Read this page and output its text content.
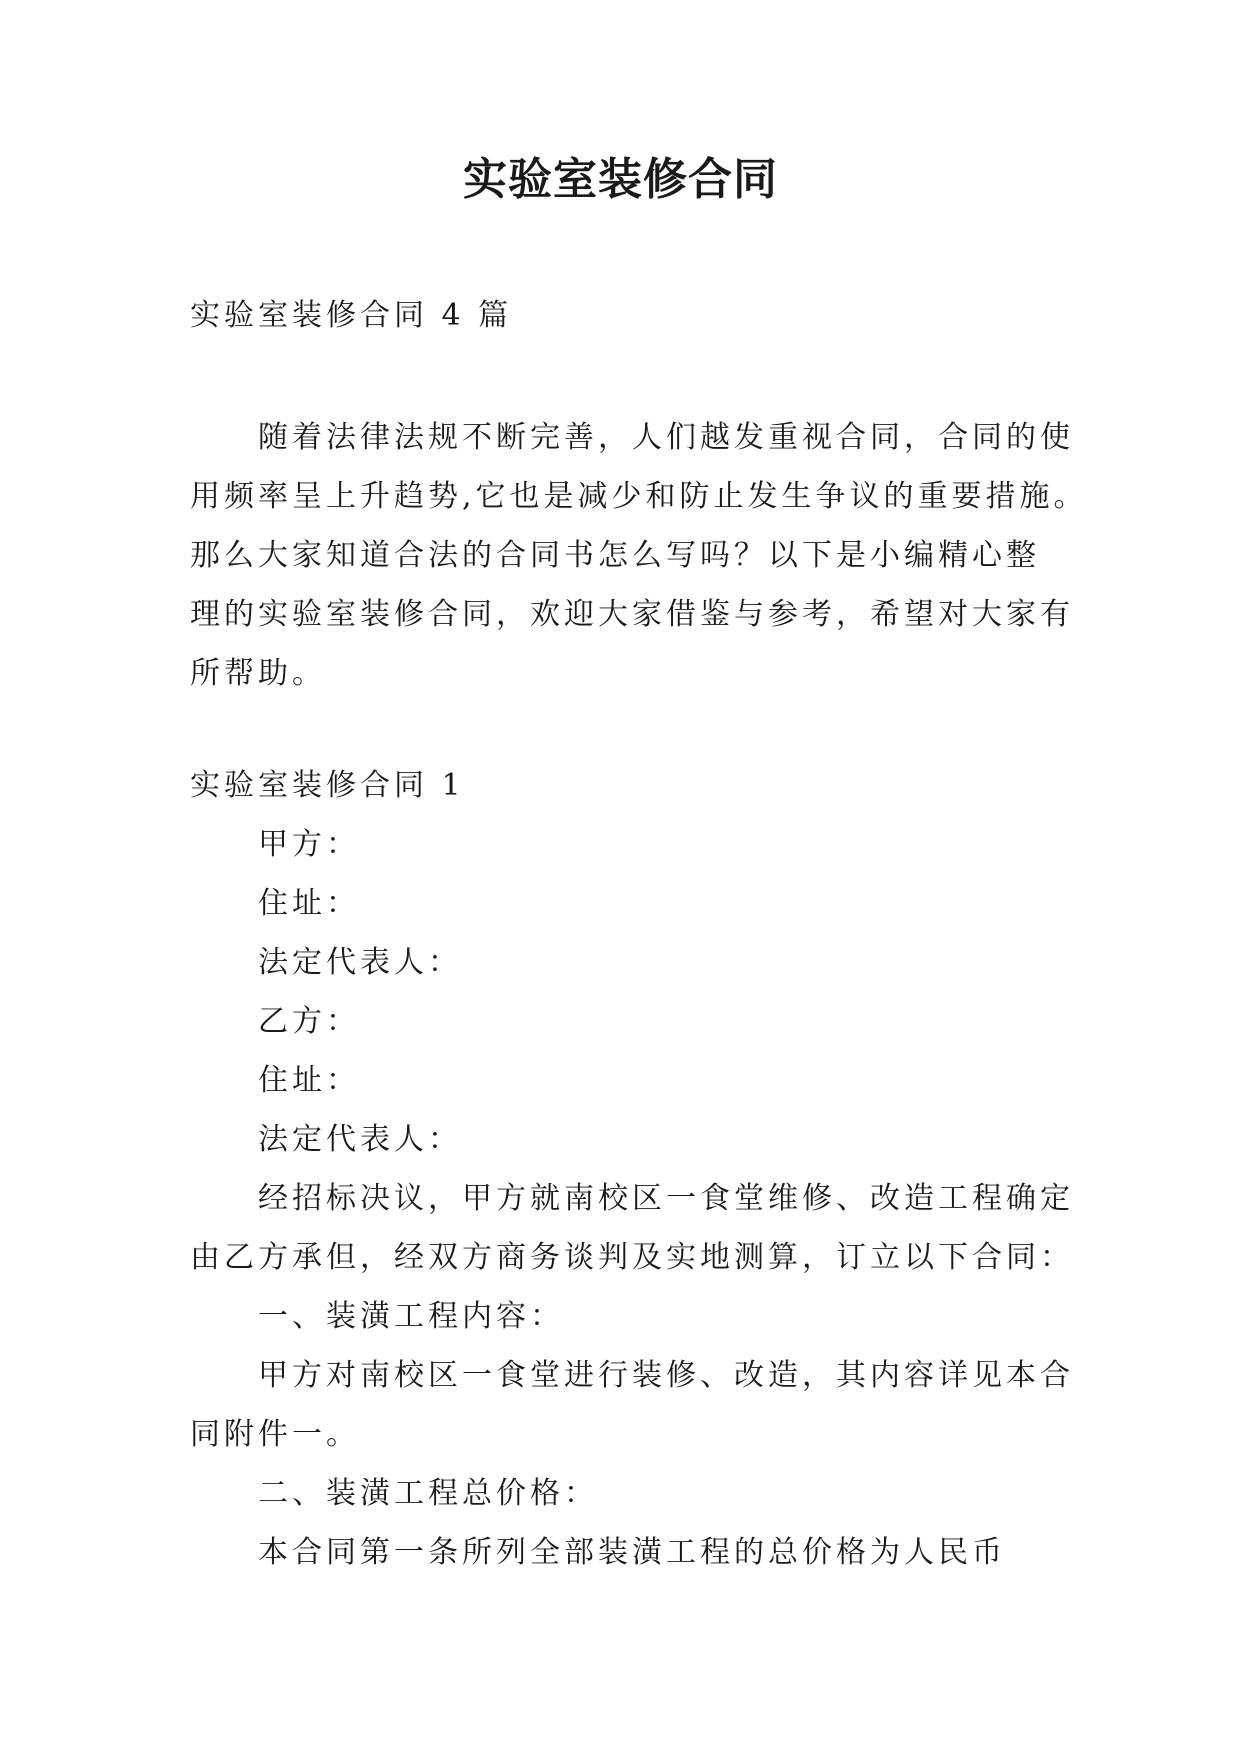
实验室装修合同

实验室装修合同 4 篇

随着法律法规不断完善，人们越发重视合同，合同的使
用频率呈上升趋势,它也是减少和防止发生争议的重要措施。
那么大家知道合法的合同书怎么写吗？以下是小编精心整
理的实验室装修合同，欢迎大家借鉴与参考，希望对大家有
所帮助。

实验室装修合同 1

甲方：
住址：
法定代表人：
乙方：
住址：
法定代表人：
经招标决议，甲方就南校区一食堂维修、改造工程确定
由乙方承但，经双方商务谈判及实地测算，订立以下合同：
一、装潢工程内容：
甲方对南校区一食堂进行装修、改造，其内容详见本合
同附件一。
二、装潢工程总价格：
本合同第一条所列全部装潢工程的总价格为人民币
